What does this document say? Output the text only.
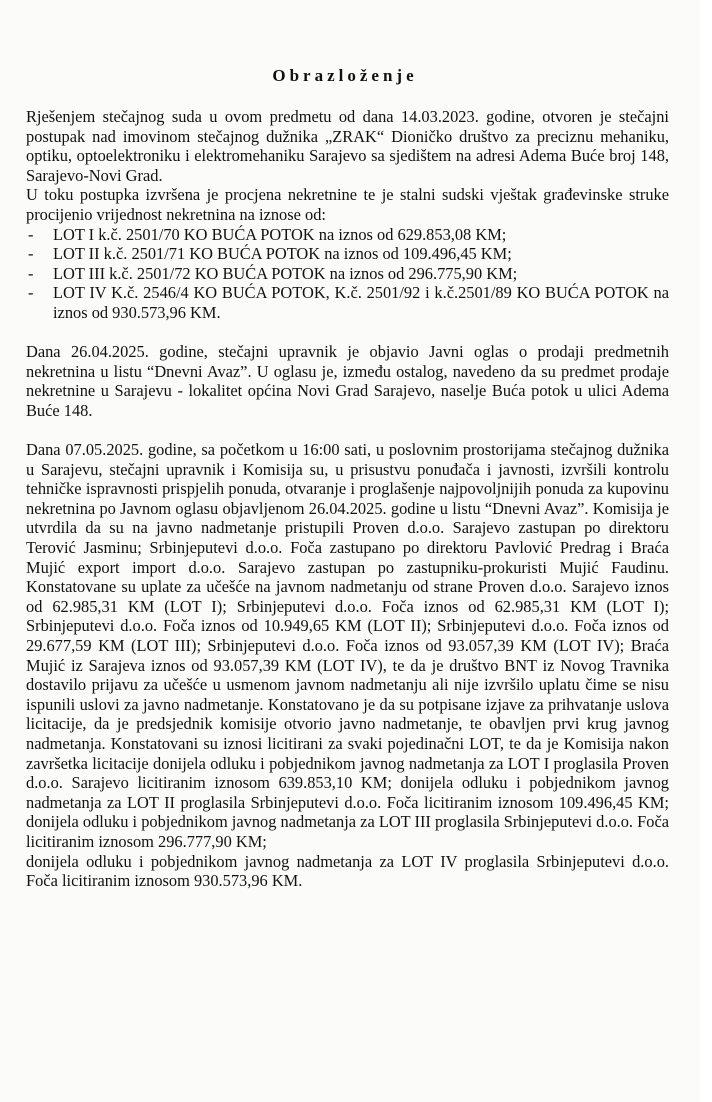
Obrazloženje

Rješenjem stečajnog suda u ovom predmetu od dana 14.03.2023. godine, otvoren je stečajni postupak nad imovinom stečajnog dužnika „ZRAK“ Dioničko društvo za preciznu mehaniku, optiku, optoelektroniku i elektromehaniku Sarajevo sa sjedištem na adresi Adema Buće broj 148, Sarajevo-Novi Grad.

U toku postupka izvršena je procjena nekretnine te je stalni sudski vještak građevinske struke procijenio vrijednost nekretnina na iznose od:

- LOT I k.č. 2501/70 KO BUĆA POTOK na iznos od 629.853,08 KM;
- LOT II k.č. 2501/71 KO BUĆA POTOK na iznos od 109.496,45 KM;
- LOT III k.č. 2501/72 KO BUĆA POTOK na iznos od 296.775,90 KM;
- LOT IV K.č. 2546/4 KO BUĆA POTOK, K.č. 2501/92 i k.č.2501/89 KO BUĆA POTOK na iznos od 930.573,96 KM.

Dana 26.04.2025. godine, stečajni upravnik je objavio Javni oglas o prodaji predmetnih nekretnina u listu “Dnevni Avaz”. U oglasu je, između ostalog, navedeno da su predmet prodaje nekretnine u Sarajevu - lokalitet općina Novi Grad Sarajevo, naselje Buća potok u ulici Adema Buće 148.

Dana 07.05.2025. godine, sa početkom u 16:00 sati, u poslovnim prostorijama stečajnog dužnika u Sarajevu, stečajni upravnik i Komisija su, u prisustvu ponuđača i javnosti, izvršili kontrolu tehničke ispravnosti prispjelih ponuda, otvaranje i proglašenje najpovoljnijih ponuda za kupovinu nekretnina po Javnom oglasu objavljenom 26.04.2025. godine u listu “Dnevni Avaz”. Komisija je utvrdila da su na javno nadmetanje pristupili Proven d.o.o. Sarajevo zastupan po direktoru Terović Jasminu; Srbinjeputevi d.o.o. Foča zastupano po direktoru Pavlović Predrag i Braća Mujić export import d.o.o. Sarajevo zastupan po zastupniku-prokuristi Mujić Faudinu. Konstatovane su uplate za učešće na javnom nadmetanju od strane Proven d.o.o. Sarajevo iznos od 62.985,31 KM (LOT I); Srbinjeputevi d.o.o. Foča iznos od 62.985,31 KM (LOT I); Srbinjeputevi d.o.o. Foča iznos od 10.949,65 KM (LOT II); Srbinjeputevi d.o.o. Foča iznos od 29.677,59 KM (LOT III); Srbinjeputevi d.o.o. Foča iznos od 93.057,39 KM (LOT IV); Braća Mujić iz Sarajeva iznos od 93.057,39 KM (LOT IV), te da je društvo BNT iz Novog Travnika dostavilo prijavu za učešće u usmenom javnom nadmetanju ali nije izvršilo uplatu čime se nisu ispunili uslovi za javno nadmetanje. Konstatovano je da su potpisane izjave za prihvatanje uslova licitacije, da je predsjednik komisije otvorio javno nadmetanje, te obavljen prvi krug javnog nadmetanja. Konstatovani su iznosi licitirani za svaki pojedinačni LOT, te da je Komisija nakon završetka licitacije donijela odluku i pobjednikom javnog nadmetanja za LOT I proglasila Proven d.o.o. Sarajevo licitiranim iznosom 639.853,10 KM; donijela odluku i pobjednikom javnog nadmetanja za LOT II proglasila Srbinjeputevi d.o.o. Foča licitiranim iznosom 109.496,45 KM; donijela odluku i pobjednikom javnog nadmetanja za LOT III proglasila Srbinjeputevi d.o.o. Foča licitiranim iznosom 296.777,90 KM;

donijela odluku i pobjednikom javnog nadmetanja za LOT IV proglasila Srbinjeputevi d.o.o. Foča licitiranim iznosom 930.573,96 KM.
